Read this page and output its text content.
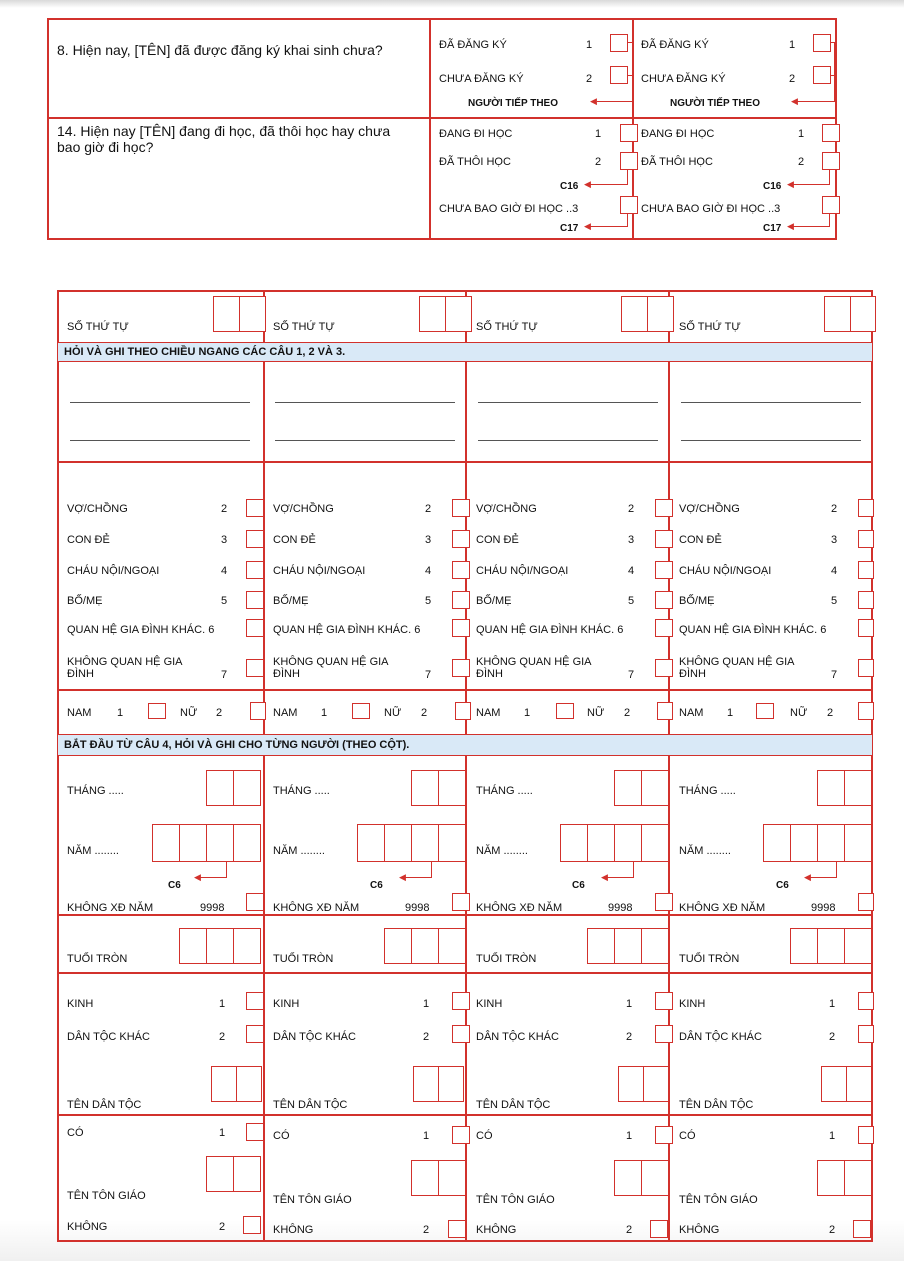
8. Hiện nay, [TÊN] đã được đăng ký khai sinh chưa?
14. Hiện nay [TÊN] đang đi học, đã thôi học hay chưa bao giờ đi học?
ĐÃ ĐĂNG KÝ	1
CHƯA ĐĂNG KÝ	2
◀
NGƯỜI TIẾP THEO
ĐÃ ĐĂNG KÝ	1
CHƯA ĐĂNG KÝ	2
◀
NGƯỜI TIẾP THEO
ĐANG ĐI HỌC	1
ĐÃ THÔI HỌC	2
◀
C16
CHƯA BAO GIỜ ĐI HỌC ..3
◀
C17
ĐANG ĐI HỌC	1
ĐÃ THÔI HỌC	2
◀
C16
CHƯA BAO GIỜ ĐI HỌC ..3
◀
C17
HỎI VÀ GHI THEO CHIỀU NGANG CÁC CÂU 1, 2 VÀ 3.
BẮT ĐẦU TỪ CÂU 4, HỎI VÀ GHI CHO TỪNG NGƯỜI (THEO CỘT).
SỐ THỨ TỰ
VỢ/CHỒNG	2
CON ĐẺ	3
CHÁU NỘI/NGOẠI	4
BỐ/MẸ	5
QUAN HỆ GIA ĐÌNH KHÁC. 6
KHÔNG QUAN HỆ GIA ĐÌNH	7
NAM 1	NỮ 2
THÁNG .....
NĂM ........
◀
C6
KHÔNG XĐ NĂM	9998
TUỔI TRÒN
KINH	1
DÂN TỘC KHÁC	2
TÊN DÂN TỘC
CÓ	1
TÊN TÔN GIÁO
KHÔNG	2
SỐ THỨ TỰ
VỢ/CHỒNG	2
CON ĐẺ	3
CHÁU NỘI/NGOẠI	4
BỐ/MẸ	5
QUAN HỆ GIA ĐÌNH KHÁC. 6
KHÔNG QUAN HỆ GIA ĐÌNH	7
NAM 1	NỮ 2
THÁNG .....
NĂM ........
◀
C6
KHÔNG XĐ NĂM	9998
TUỔI TRÒN
KINH	1
DÂN TỘC KHÁC	2
TÊN DÂN TỘC
CÓ	1
TÊN TÔN GIÁO
KHÔNG	2
SỐ THỨ TỰ
VỢ/CHỒNG	2
CON ĐẺ	3
CHÁU NỘI/NGOẠI	4
BỐ/MẸ	5
QUAN HỆ GIA ĐÌNH KHÁC. 6
KHÔNG QUAN HỆ GIA ĐÌNH	7
NAM 1	NỮ 2
THÁNG .....
NĂM ........
◀
C6
KHÔNG XĐ NĂM	9998
TUỔI TRÒN
KINH	1
DÂN TỘC KHÁC	2
TÊN DÂN TỘC
CÓ	1
TÊN TÔN GIÁO
KHÔNG	2
SỐ THỨ TỰ
VỢ/CHỒNG	2
CON ĐẺ	3
CHÁU NỘI/NGOẠI	4
BỐ/MẸ	5
QUAN HỆ GIA ĐÌNH KHÁC. 6
KHÔNG QUAN HỆ GIA ĐÌNH	7
NAM 1	NỮ 2
THÁNG .....
NĂM ........
◀
C6
KHÔNG XĐ NĂM	9998
TUỔI TRÒN
KINH	1
DÂN TỘC KHÁC	2
TÊN DÂN TỘC
CÓ	1
TÊN TÔN GIÁO
KHÔNG	2
